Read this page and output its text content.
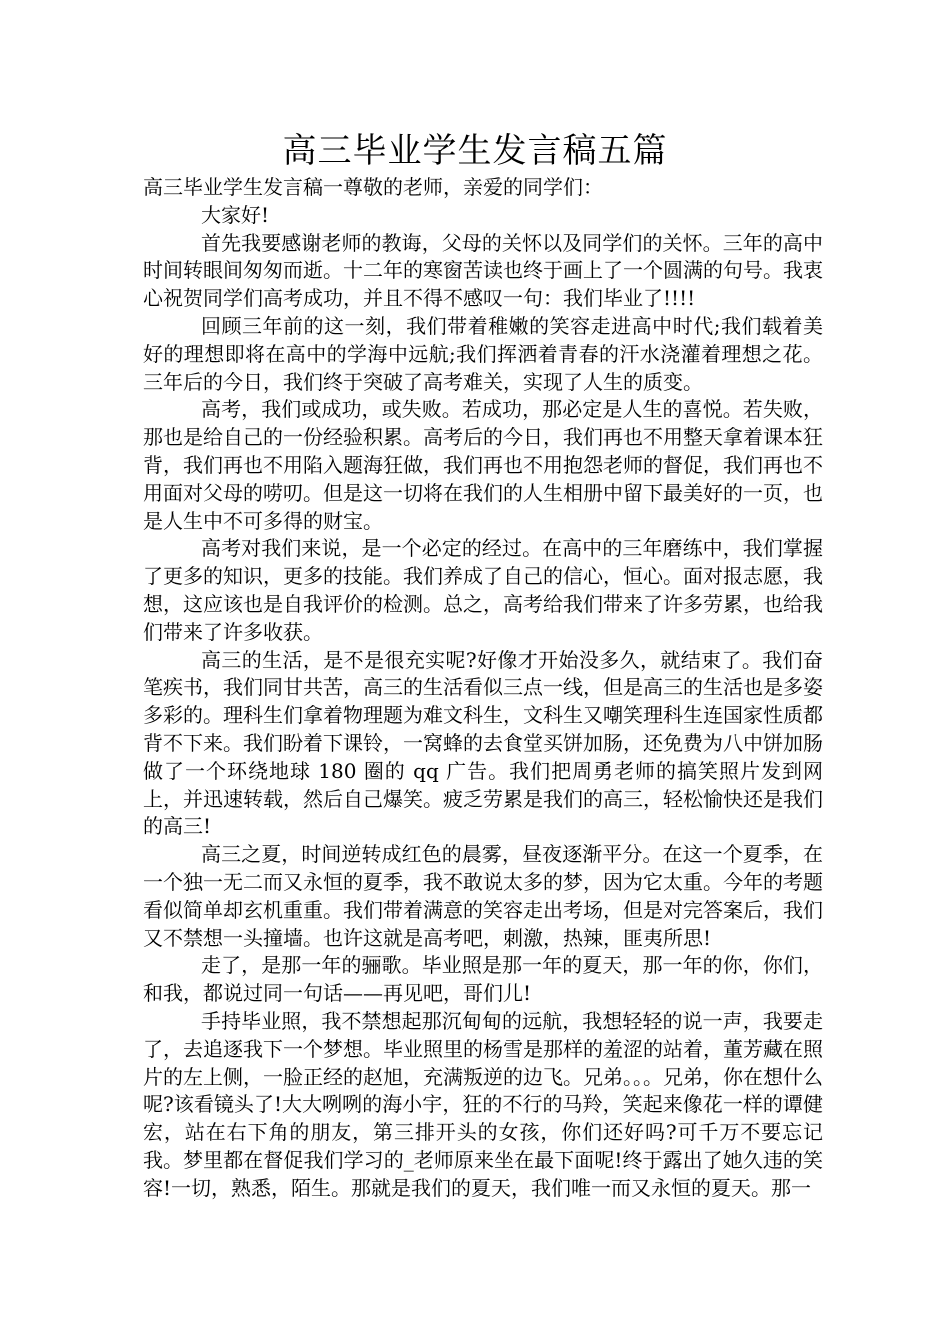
高三毕业学生发言稿五篇

高三毕业学生发言稿一尊敬的老师，亲爱的同学们：

大家好!

首先我要感谢老师的教诲，父母的关怀以及同学们的关怀。三年的高中时间转眼间匆匆而逝。十二年的寒窗苦读也终于画上了一个圆满的句号。我衷心祝贺同学们高考成功，并且不得不感叹一句：我们毕业了!!!!

回顾三年前的这一刻，我们带着稚嫩的笑容走进高中时代;我们载着美好的理想即将在高中的学海中远航;我们挥洒着青春的汗水浇灌着理想之花。三年后的今日，我们终于突破了高考难关，实现了人生的质变。

高考，我们或成功，或失败。若成功，那必定是人生的喜悦。若失败，那也是给自己的一份经验积累。高考后的今日，我们再也不用整天拿着课本狂背，我们再也不用陷入题海狂做，我们再也不用抱怨老师的督促，我们再也不用面对父母的唠叨。但是这一切将在我们的人生相册中留下最美好的一页，也是人生中不可多得的财宝。

高考对我们来说，是一个必定的经过。在高中的三年磨练中，我们掌握了更多的知识，更多的技能。我们养成了自己的信心，恒心。面对报志愿，我想，这应该也是自我评价的检测。总之，高考给我们带来了许多劳累，也给我们带来了许多收获。

高三的生活，是不是很充实呢?好像才开始没多久，就结束了。我们奋笔疾书，我们同甘共苦，高三的生活看似三点一线，但是高三的生活也是多姿多彩的。理科生们拿着物理题为难文科生，文科生又嘲笑理科生连国家性质都背不下来。我们盼着下课铃，一窝蜂的去食堂买饼加肠，还免费为八中饼加肠做了一个环绕地球 180 圈的 qq 广告。我们把周勇老师的搞笑照片发到网上，并迅速转载，然后自己爆笑。疲乏劳累是我们的高三，轻松愉快还是我们的高三!

高三之夏，时间逆转成红色的晨雾，昼夜逐渐平分。在这一个夏季，在一个独一无二而又永恒的夏季，我不敢说太多的梦，因为它太重。今年的考题看似简单却玄机重重。我们带着满意的笑容走出考场，但是对完答案后，我们又不禁想一头撞墙。也许这就是高考吧，刺激，热辣，匪夷所思!

走了，是那一年的骊歌。毕业照是那一年的夏天，那一年的你，你们，和我，都说过同一句话——再见吧，哥们儿!

手持毕业照，我不禁想起那沉甸甸的远航，我想轻轻的说一声，我要走了，去追逐我下一个梦想。毕业照里的杨雪是那样的羞涩的站着，董芳藏在照片的左上侧，一脸正经的赵旭，充满叛逆的边飞。兄弟。。。兄弟，你在想什么呢?该看镜头了!大大咧咧的海小宇，狂的不行的马羚，笑起来像花一样的谭健宏，站在右下角的朋友，第三排开头的女孩，你们还好吗?可千万不要忘记我。梦里都在督促我们学习的_老师原来坐在最下面呢!终于露出了她久违的笑容!一切，熟悉，陌生。那就是我们的夏天，我们唯一而又永恒的夏天。那一
